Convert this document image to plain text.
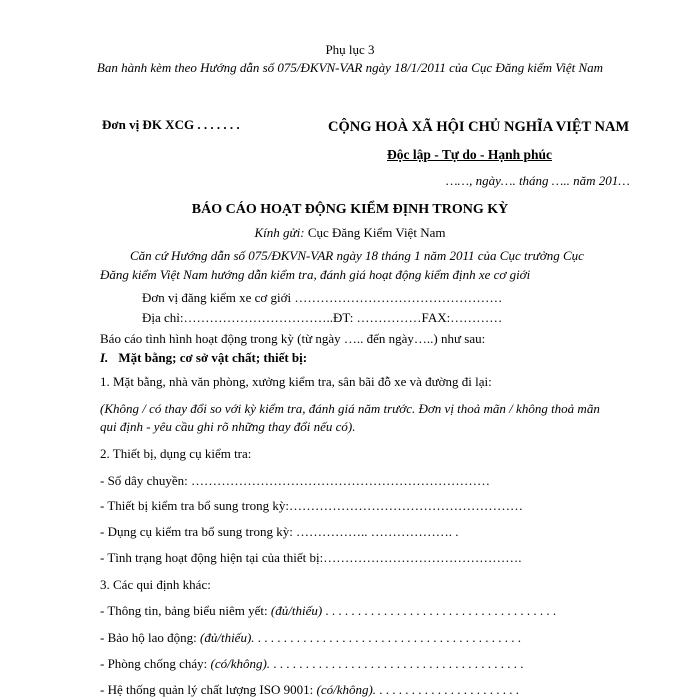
Phụ lục 3
Ban hành kèm theo Hướng dẫn số 075/ĐKVN-VAR ngày 18/1/2011 của Cục Đăng kiểm Việt Nam
Đơn vị ĐK XCG . . . . . . .	CỘNG HOÀ XÃ HỘI CHỦ NGHĨA VIỆT NAM
Độc lập - Tự do - Hạnh phúc
……, ngày…. tháng ….. năm 201…
BÁO CÁO HOẠT ĐỘNG KIỂM ĐỊNH TRONG KỲ
Kính gửi: Cục Đăng Kiểm Việt Nam
Căn cứ Hướng dẫn số 075/ĐKVN-VAR ngày 18 tháng 1 năm 2011 của Cục trưởng Cục
Đăng kiểm Việt Nam hướng dẫn kiểm tra, đánh giá hoạt động kiểm định xe cơ giới
Đơn vị đăng kiểm xe cơ giới …………………………………………
Địa chỉ:……………………………..ĐT: ……………FAX:…………
Báo cáo tình hình hoạt động trong kỳ (từ ngày ….. đến ngày…..) như sau:
I. Mặt bằng; cơ sở vật chất; thiết bị:
1. Mặt bằng, nhà văn phòng, xưởng kiểm tra, sân bãi đỗ xe và đường đi lại:
(Không / có thay đổi so với kỳ kiểm tra, đánh giá năm trước. Đơn vị thoả mãn / không thoả mãn
qui định - yêu cầu ghi rõ những thay đổi nếu có).
2. Thiết bị, dụng cụ kiểm tra:
- Số dây chuyền: ……………………………………………………………
- Thiết bị kiểm tra bổ sung trong kỳ:………………………………………………
- Dụng cụ kiểm tra bổ sung trong kỳ: …………….. ………………. .
- Tình trạng hoạt động hiện tại của thiết bị:……………………………………….
3. Các qui định khác:
- Thông tin, bảng biểu niêm yết: (đủ/thiếu) . . . . . . . . . . . . . . . . . . . . . . . . . . . . . . . . . . . .
- Bảo hộ lao động: (đủ/thiếu). . . . . . . . . . . . . . . . . . . . . . . . . . . . . . . . . . . . . . . . . .
- Phòng chống cháy: (có/không). . . . . . . . . . . . . . . . . . . . . . . . . . . . . . . . . . . . . . . .
- Hệ thống quản lý chất lượng ISO 9001: (có/không). . . . . . . . . . . . . . . . . . . . . . .
